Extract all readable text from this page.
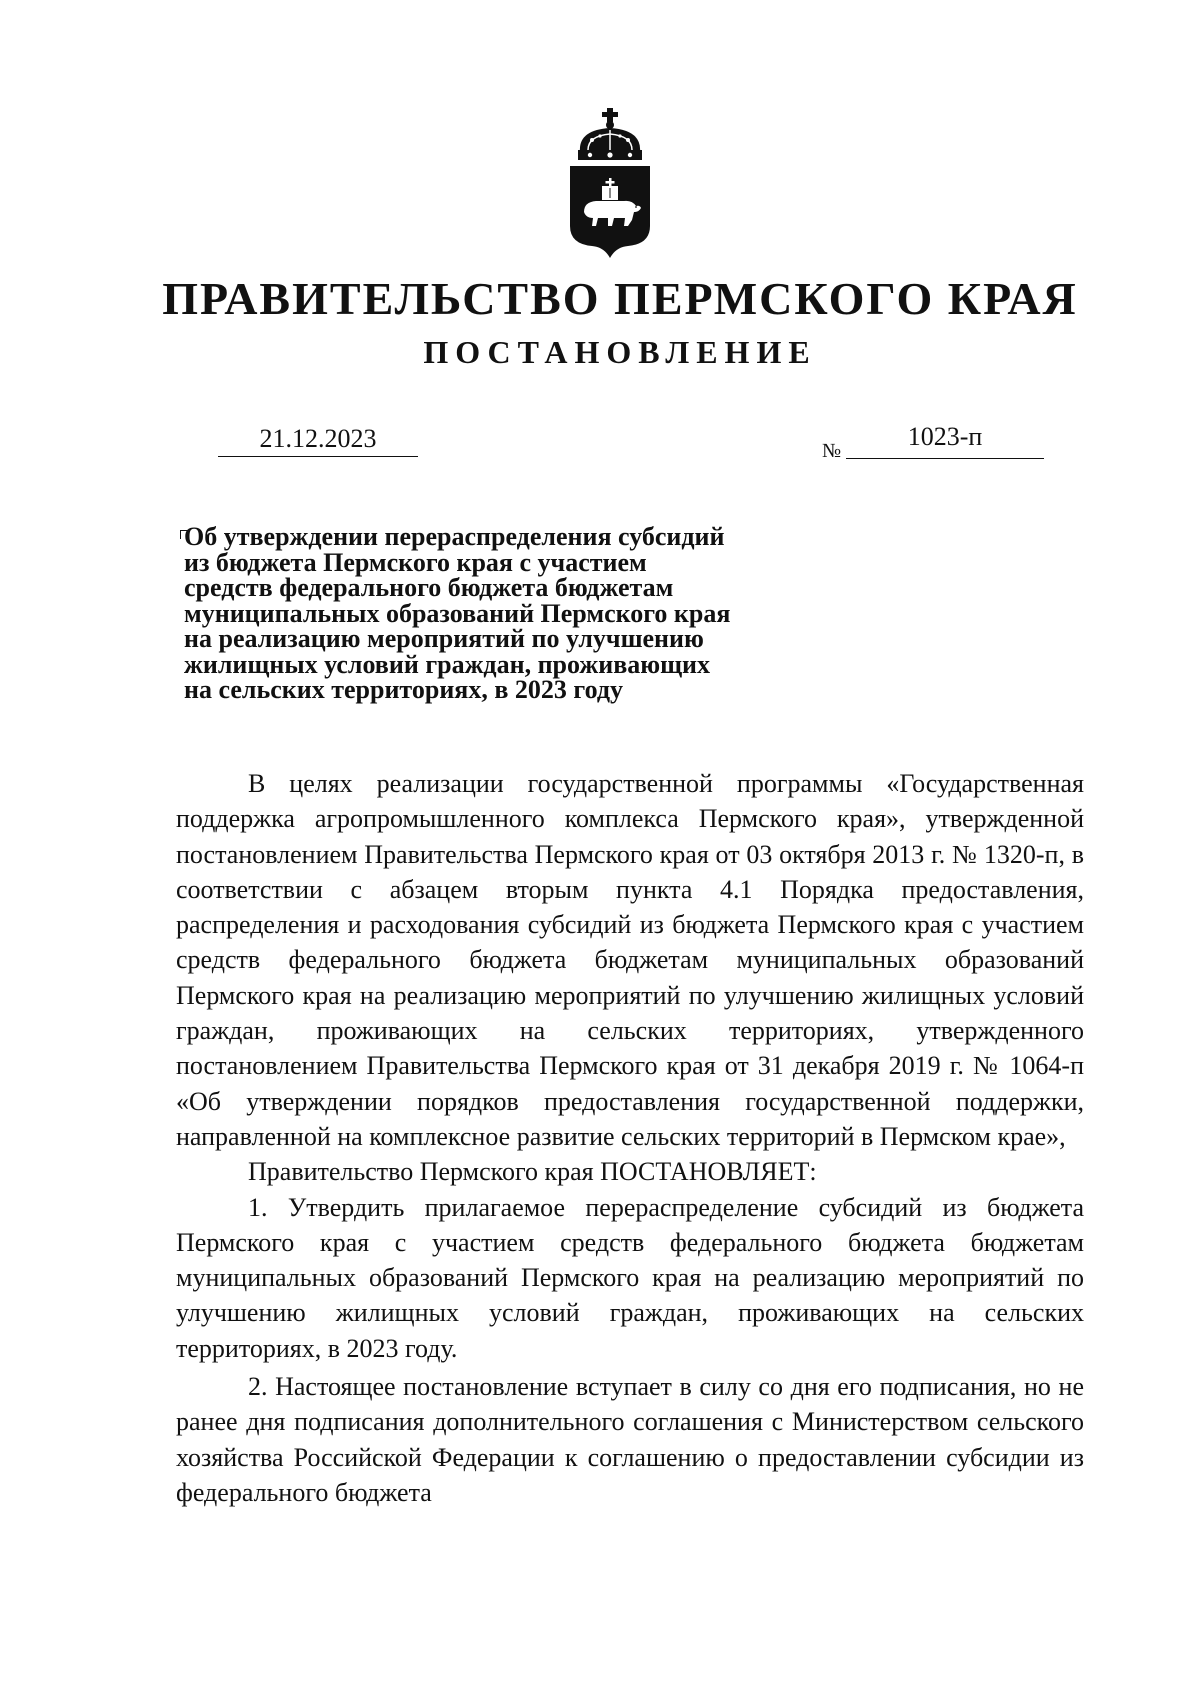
ПРАВИТЕЛЬСТВО ПЕРМСКОГО КРАЯ
ПОСТАНОВЛЕНИЕ
21.12.2023	№	1023-п
Об утверждении перераспределения субсидий
из бюджета Пермского края с участием
средств федерального бюджета бюджетам
муниципальных образований Пермского края
на реализацию мероприятий по улучшению
жилищных условий граждан, проживающих
на сельских территориях, в 2023 году

В целях реализации государственной программы «Государственная поддержка агропромышленного комплекса Пермского края», утвержденной постановлением Правительства Пермского края от 03 октября 2013 г. № 1320-п, в соответствии с абзацем вторым пункта 4.1 Порядка предоставления, распределения и расходования субсидий из бюджета Пермского края с участием средств федерального бюджета бюджетам муниципальных образований Пермского края на реализацию мероприятий по улучшению жилищных условий граждан, проживающих на сельских территориях, утвержденного постановлением Правительства Пермского края от 31 декабря 2019 г. № 1064-п «Об утверждении порядков предоставления государственной поддержки, направленной на комплексное развитие сельских территорий в Пермском крае»,

Правительство Пермского края ПОСТАНОВЛЯЕТ:

1. Утвердить прилагаемое перераспределение субсидий из бюджета Пермского края с участием средств федерального бюджета бюджетам муниципальных образований Пермского края на реализацию мероприятий по улучшению жилищных условий граждан, проживающих на сельских территориях, в 2023 году.

2. Настоящее постановление вступает в силу со дня его подписания, но не ранее дня подписания дополнительного соглашения с Министерством сельского хозяйства Российской Федерации к соглашению о предоставлении субсидии из федерального бюджета
